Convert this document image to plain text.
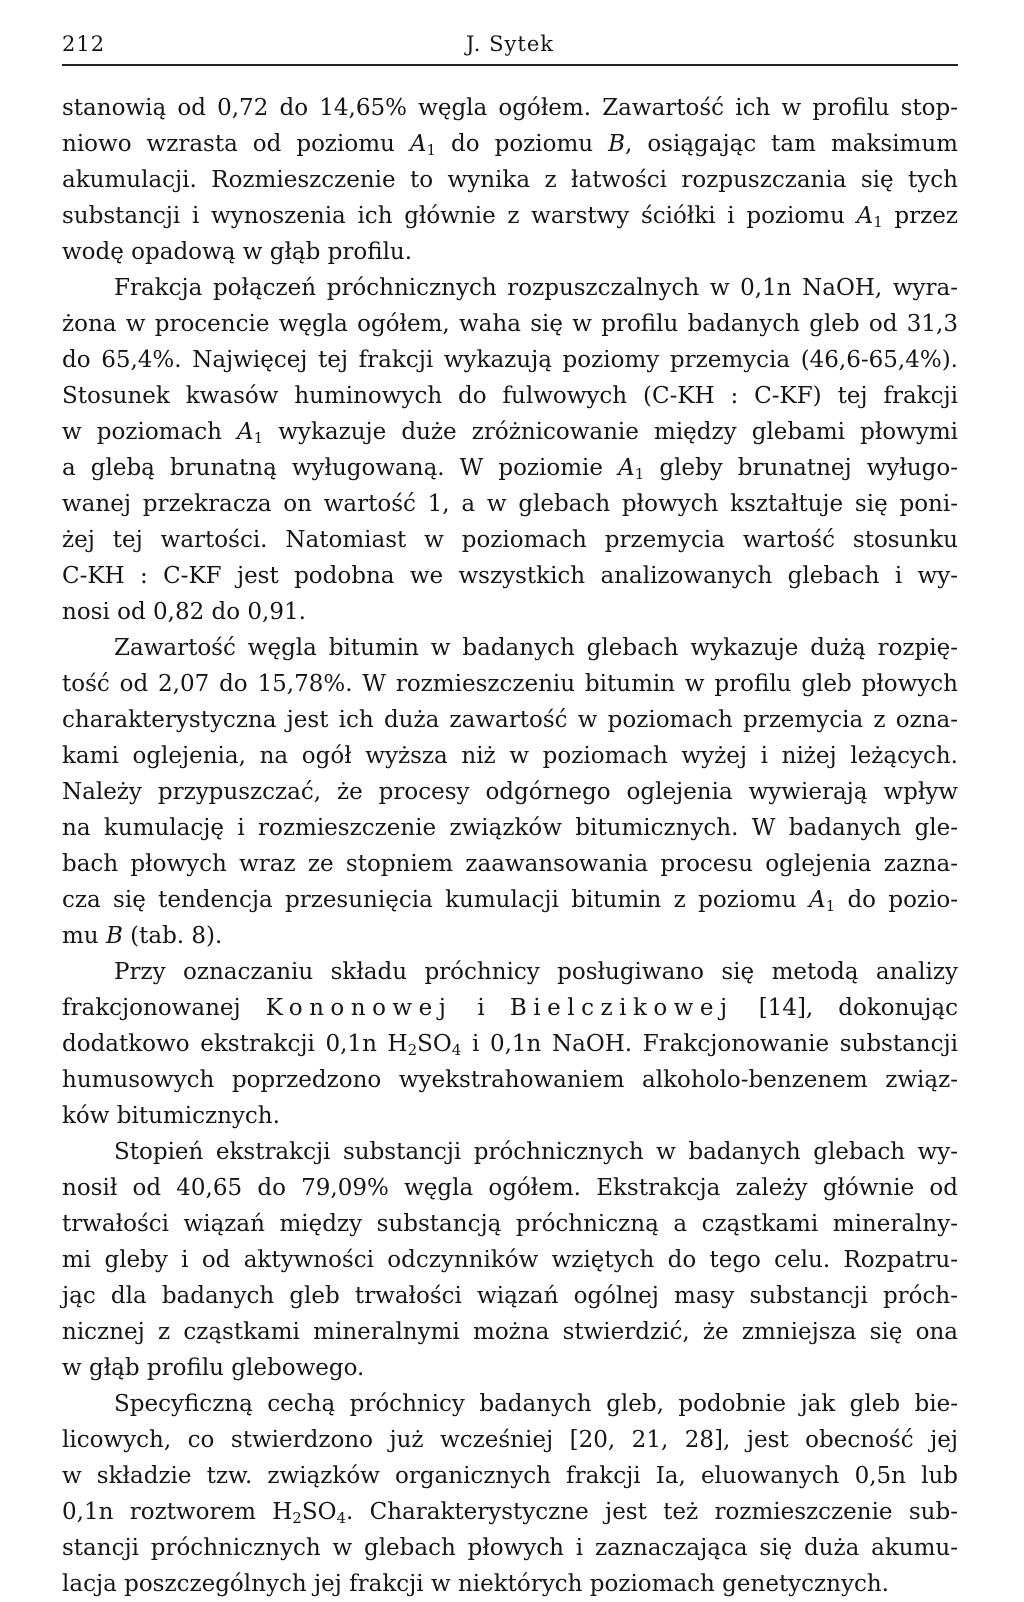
212	J. Sytek

stanowią od 0,72 do 14,65% węgla ogółem. Zawartość ich w profilu stop-
niowo wzrasta od poziomu $A_1$ do poziomu B, osiągając tam maksimum
akumulacji. Rozmieszczenie to wynika z łatwości rozpuszczania się tych
substancji i wynoszenia ich głównie z warstwy ściółki i poziomu $A_1$ przez
wodę opadową w głąb profilu.

Frakcja połączeń próchnicznych rozpuszczalnych w 0,1n NaOH, wyra-
żona w procencie węgla ogółem, waha się w profilu badanych gleb od 31,3
do 65,4%. Najwięcej tej frakcji wykazują poziomy przemycia (46,6-65,4%).
Stosunek kwasów huminowych do fulwowych (C-KH : C-KF) tej frakcji
w poziomach $A_1$ wykazuje duże zróżnicowanie między glebami płowymi
a glebą brunatną wyługowaną. W poziomie $A_1$ gleby brunatnej wyługo-
wanej przekracza on wartość 1, a w glebach płowych kształtuje się poni-
żej tej wartości. Natomiast w poziomach przemycia wartość stosunku
C-KH : C-KF jest podobna we wszystkich analizowanych glebach i wy-
nosi od 0,82 do 0,91.

Zawartość węgla bitumin w badanych glebach wykazuje dużą rozpię-
tość od 2,07 do 15,78%. W rozmieszczeniu bitumin w profilu gleb płowych
charakterystyczna jest ich duża zawartość w poziomach przemycia z ozna-
kami oglejenia, na ogół wyższa niż w poziomach wyżej i niżej leżących.
Należy przypuszczać, że procesy odgórnego oglejenia wywierają wpływ
na kumulację i rozmieszczenie związków bitumicznych. W badanych gle-
bach płowych wraz ze stopniem zaawansowania procesu oglejenia zazna-
cza się tendencja przesunięcia kumulacji bitumin z poziomu $A_1$ do pozio-
mu B (tab. 8).

Przy oznaczaniu składu próchnicy posługiwano się metodą analizy
frakcjonowanej Kononowej i Bielczikowej [14], dokonując
dodatkowo ekstrakcji 0,1n $H_2SO_4$ i 0,1n NaOH. Frakcjonowanie substancji
humusowych poprzedzono wyekstrahowaniem alkoholo-benzenem związ-
ków bitumicznych.

Stopień ekstrakcji substancji próchnicznych w badanych glebach wy-
nosił od 40,65 do 79,09% węgla ogółem. Ekstrakcja zależy głównie od
trwałości wiązań między substancją próchniczną a cząstkami mineralny-
mi gleby i od aktywności odczynników wziętych do tego celu. Rozpatru-
jąc dla badanych gleb trwałości wiązań ogólnej masy substancji próch-
nicznej z cząstkami mineralnymi można stwierdzić, że zmniejsza się ona
w głąb profilu glebowego.

Specyficzną cechą próchnicy badanych gleb, podobnie jak gleb bie-
licowych, co stwierdzono już wcześniej [20, 21, 28], jest obecność jej
w składzie tzw. związków organicznych frakcji Ia, eluowanych 0,5n lub
0,1n roztworem $H_2SO_4$. Charakterystyczne jest też rozmieszczenie sub-
stancji próchnicznych w glebach płowych i zaznaczająca się duża akumu-
lacja poszczególnych jej frakcji w niektórych poziomach genetycznych.
